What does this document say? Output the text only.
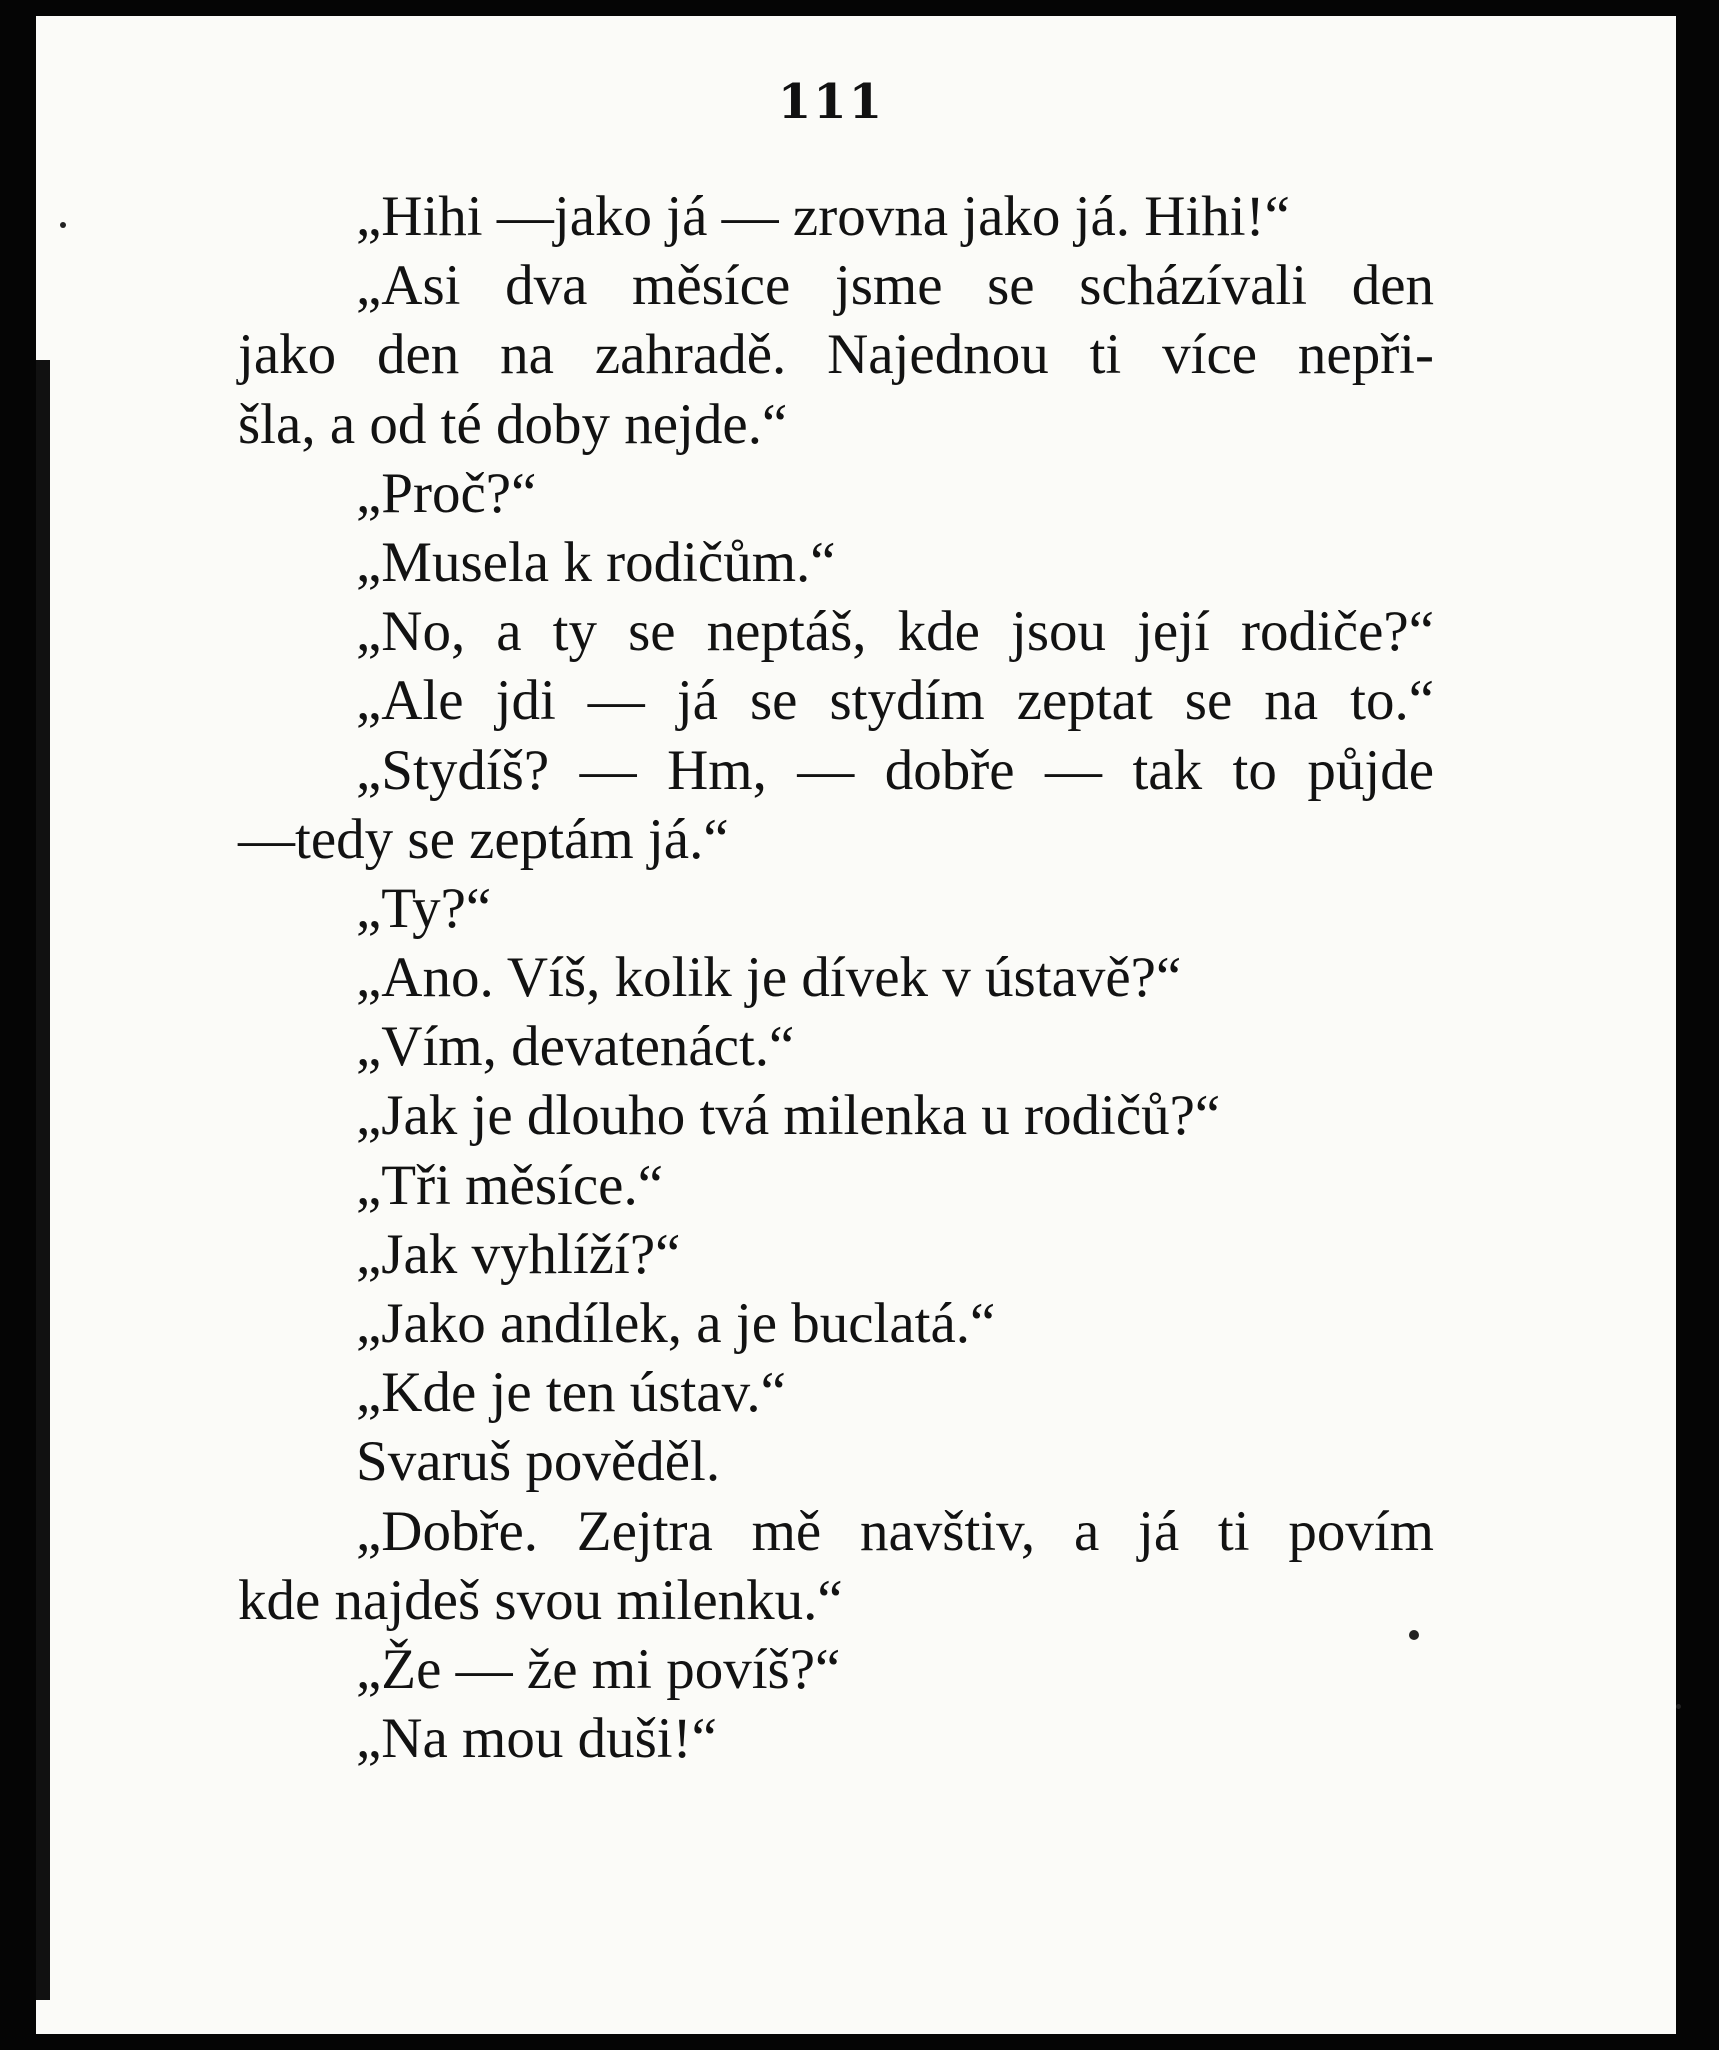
111
„Hihi —jako já — zrovna jako já. Hihi!“
„Asi dva měsíce jsme se scházívali den
jako den na zahradě. Najednou ti více nepři-
šla, a od té doby nejde.“
„Proč?“
„Musela k rodičům.“
„No, a ty se neptáš, kde jsou její rodiče?“
„Ale jdi — já se stydím zeptat se na to.“
„Stydíš? — Hm, — dobře — tak to půjde
—tedy se zeptám já.“
„Ty?“
„Ano. Víš, kolik je dívek v ústavě?“
„Vím, devatenáct.“
„Jak je dlouho tvá milenka u rodičů?“
„Tři měsíce.“
„Jak vyhlíží?“
„Jako andílek, a je buclatá.“
„Kde je ten ústav.“
Svaruš pověděl.
„Dobře. Zejtra mě navštiv, a já ti povím
kde najdeš svou milenku.“
„Že — že mi povíš?“
„Na mou duši!“
